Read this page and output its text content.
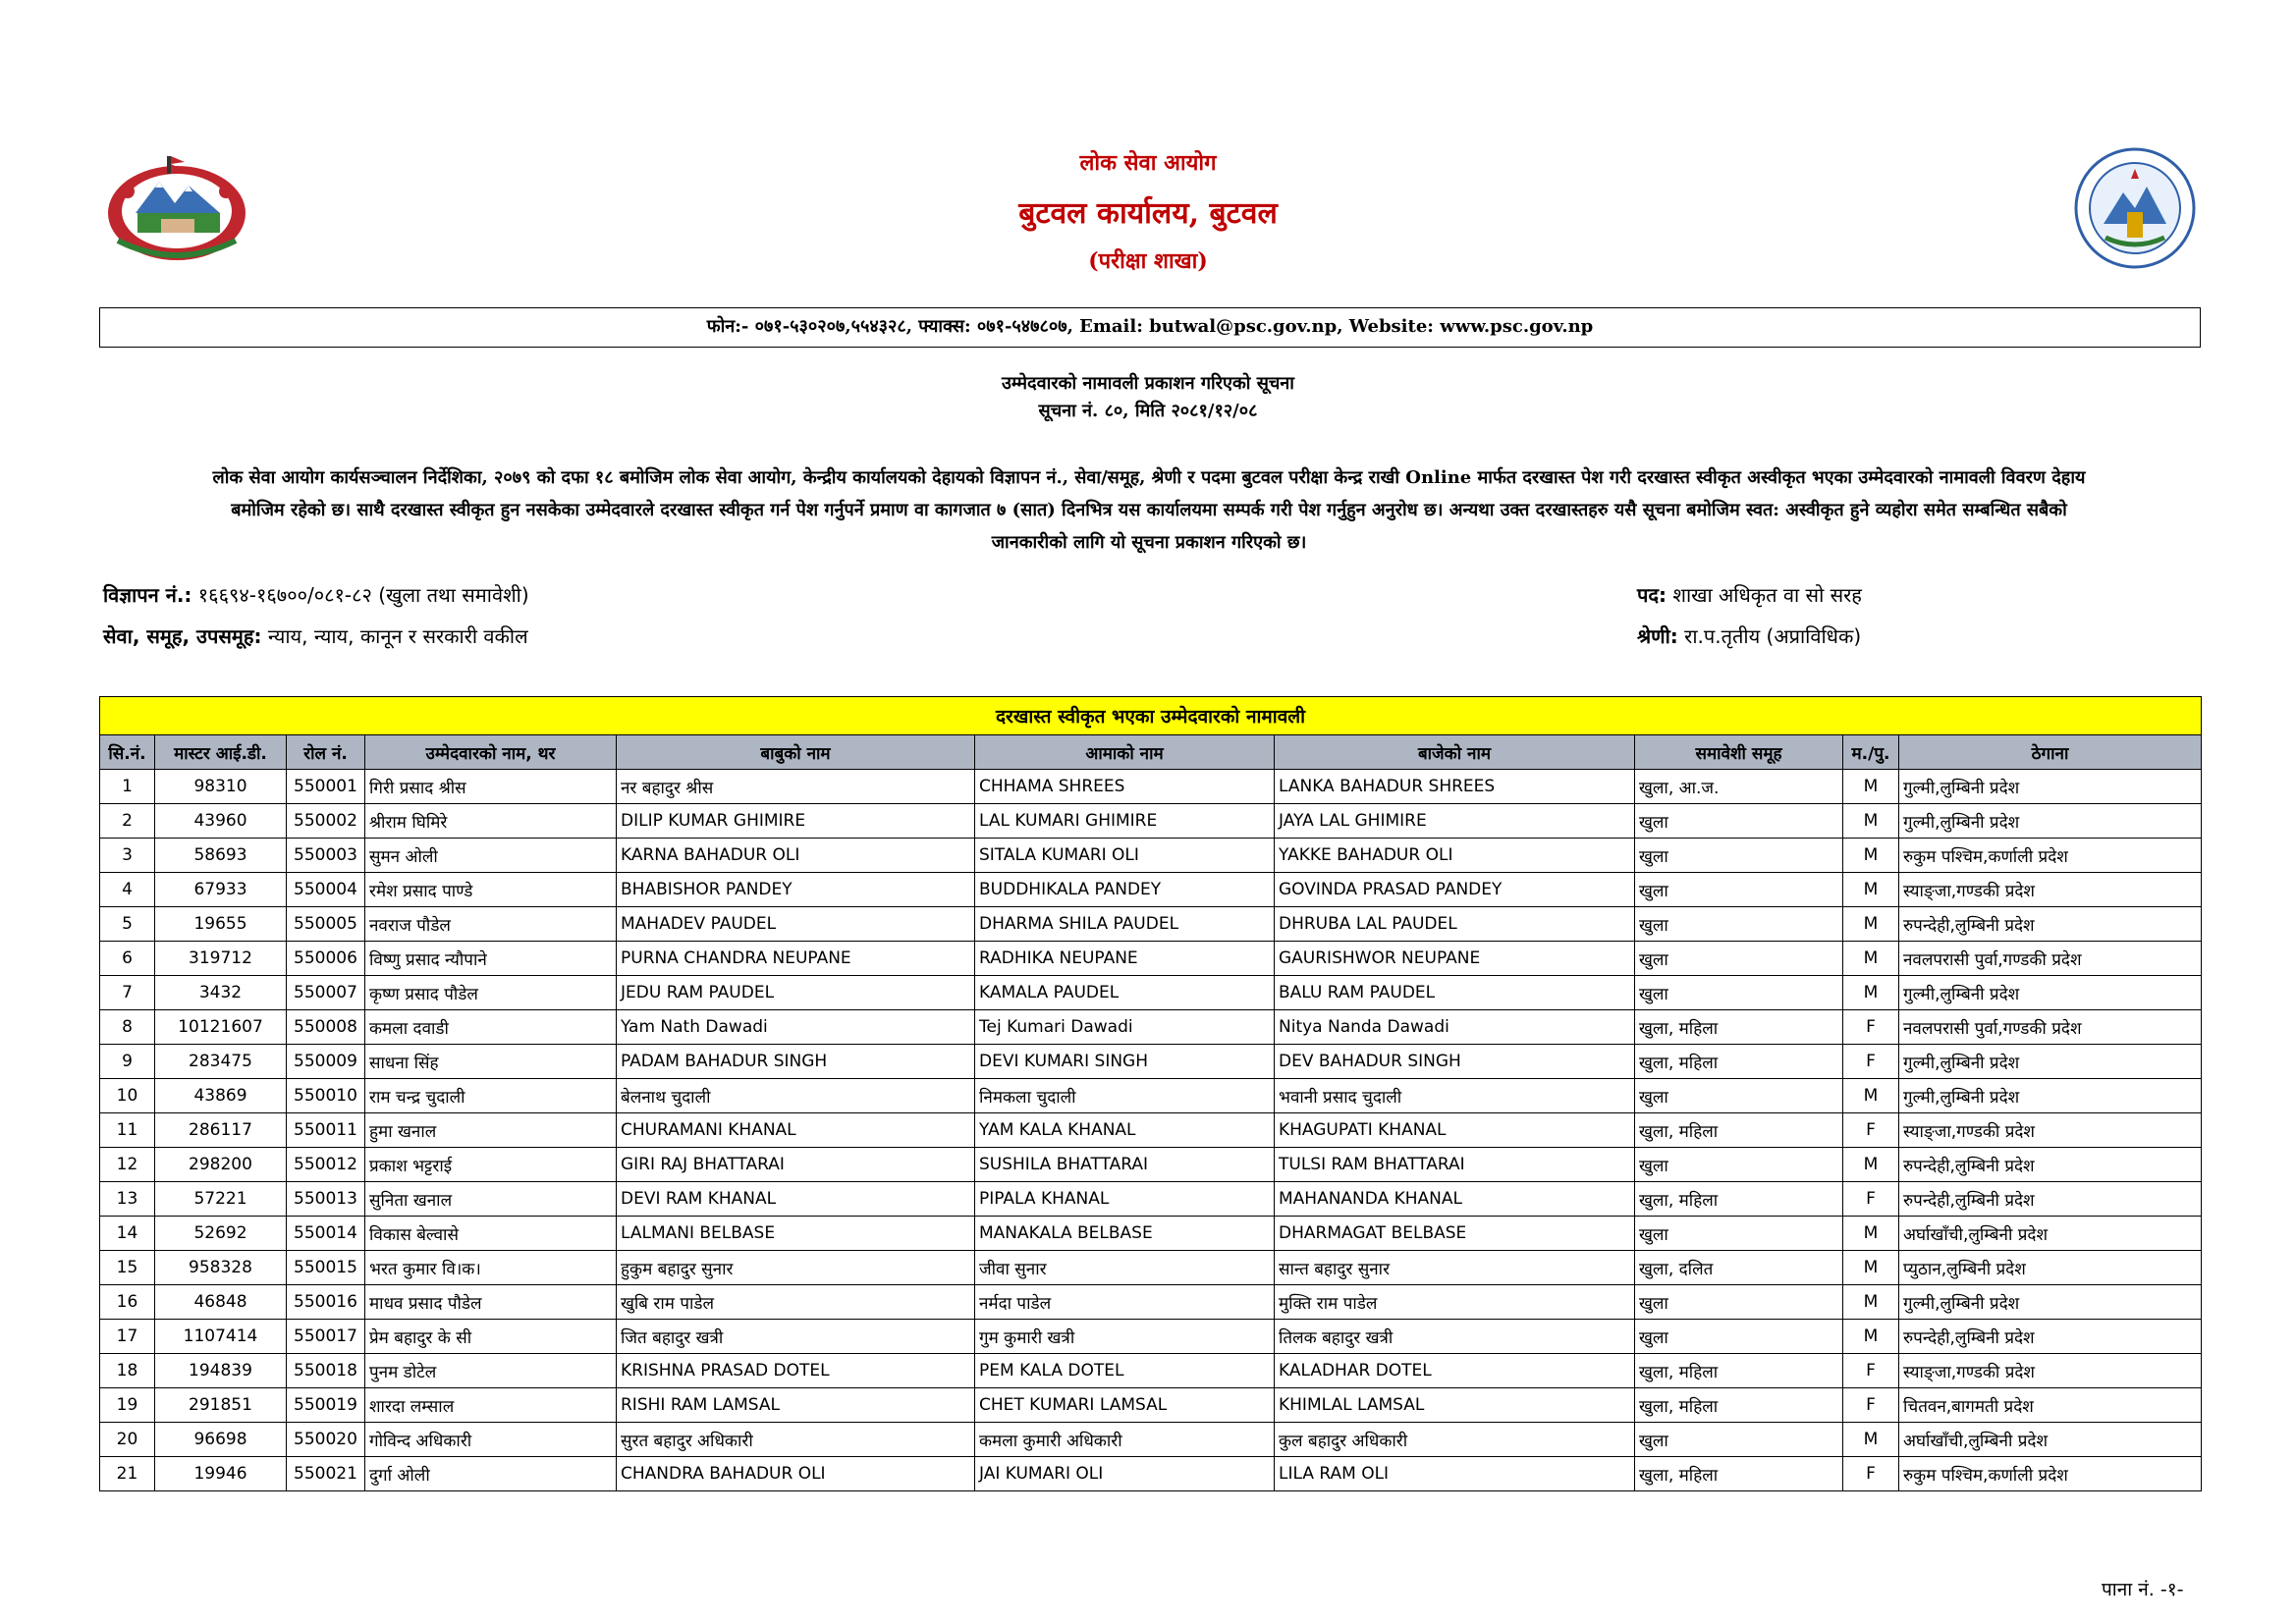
लोक सेवा आयोग
बुटवल कार्यालय, बुटवल
(परीक्षा शाखा)
फोन:- ०७१-५३०२०७,५५४३२८, फ्याक्स: ०७१-५४७८०७, Email: butwal@psc.gov.np, Website: www.psc.gov.np
उम्मेदवारको नामावली प्रकाशन गरिएको सूचना
सूचना नं. ८०, मिति २०८१/१२/०८

लोक सेवा आयोग कार्यसञ्चालन निर्देशिका, २०७९ को दफा १८ बमोजिम लोक सेवा आयोग, केन्द्रीय कार्यालयको देहायको विज्ञापन नं., सेवा/समूह, श्रेणी र पदमा बुटवल परीक्षा केन्द्र राखी Online मार्फत दरखास्त पेश गरी दरखास्त स्वीकृत अस्वीकृत भएका उम्मेदवारको नामावली विवरण देहाय

बमोजिम रहेको छ। साथै दरखास्त स्वीकृत हुन नसकेका उम्मेदवारले दरखास्त स्वीकृत गर्न पेश गर्नुपर्ने प्रमाण वा कागजात ७ (सात) दिनभित्र यस कार्यालयमा सम्पर्क गरी पेश गर्नुहुन अनुरोध छ। अन्यथा उक्त दरखास्तहरु यसै सूचना बमोजिम स्वत: अस्वीकृत हुने व्यहोरा समेत सम्बन्धित सबैको

जानकारीको लागि यो सूचना प्रकाशन गरिएको छ।

विज्ञापन नं.: १६६९४-१६७००/०८१-८२ (खुला तथा समावेशी)
सेवा, समूह, उपसमूह: न्याय, न्याय, कानून र सरकारी वकील
पद: शाखा अधिकृत वा सो सरह
श्रेणी: रा.प.तृतीय (अप्राविधिक)
दरखास्त स्वीकृत भएका उम्मेदवारको नामावली									
सि.नं.	मास्टर आई.डी.	रोल नं.	उम्मेदवारको नाम, थर	बाबुको नाम	आमाको नाम	बाजेको नाम	समावेशी समूह	म./पु.	ठेगाना
1	98310	550001	गिरी प्रसाद श्रीस	नर बहादुर श्रीस	CHHAMA SHREES	LANKA BAHADUR SHREES	खुला, आ.ज.	M	गुल्मी,लुम्बिनी प्रदेश
2	43960	550002	श्रीराम घिमिरे	DILIP KUMAR GHIMIRE	LAL KUMARI GHIMIRE	JAYA LAL GHIMIRE	खुला	M	गुल्मी,लुम्बिनी प्रदेश
3	58693	550003	सुमन ओली	KARNA BAHADUR OLI	SITALA KUMARI OLI	YAKKE BAHADUR OLI	खुला	M	रुकुम पश्चिम,कर्णाली प्रदेश
4	67933	550004	रमेश प्रसाद पाण्डे	BHABISHOR PANDEY	BUDDHIKALA PANDEY	GOVINDA PRASAD PANDEY	खुला	M	स्याङ्जा,गण्डकी प्रदेश
5	19655	550005	नवराज पौडेल	MAHADEV PAUDEL	DHARMA SHILA PAUDEL	DHRUBA LAL PAUDEL	खुला	M	रुपन्देही,लुम्बिनी प्रदेश
6	319712	550006	विष्णु प्रसाद न्यौपाने	PURNA CHANDRA NEUPANE	RADHIKA NEUPANE	GAURISHWOR NEUPANE	खुला	M	नवलपरासी पुर्वा,गण्डकी प्रदेश
7	3432	550007	कृष्ण प्रसाद पौडेल	JEDU RAM PAUDEL	KAMALA PAUDEL	BALU RAM PAUDEL	खुला	M	गुल्मी,लुम्बिनी प्रदेश
8	10121607	550008	कमला दवाडी	Yam Nath Dawadi	Tej Kumari Dawadi	Nitya Nanda Dawadi	खुला, महिला	F	नवलपरासी पुर्वा,गण्डकी प्रदेश
9	283475	550009	साधना सिंह	PADAM BAHADUR SINGH	DEVI KUMARI SINGH	DEV BAHADUR SINGH	खुला, महिला	F	गुल्मी,लुम्बिनी प्रदेश
10	43869	550010	राम चन्द्र चुदाली	बेलनाथ चुदाली	निमकला चुदाली	भवानी प्रसाद चुदाली	खुला	M	गुल्मी,लुम्बिनी प्रदेश
11	286117	550011	हुमा खनाल	CHURAMANI KHANAL	YAM KALA KHANAL	KHAGUPATI KHANAL	खुला, महिला	F	स्याङ्जा,गण्डकी प्रदेश
12	298200	550012	प्रकाश भट्टराई	GIRI RAJ BHATTARAI	SUSHILA BHATTARAI	TULSI RAM BHATTARAI	खुला	M	रुपन्देही,लुम्बिनी प्रदेश
13	57221	550013	सुनिता खनाल	DEVI RAM KHANAL	PIPALA KHANAL	MAHANANDA KHANAL	खुला, महिला	F	रुपन्देही,लुम्बिनी प्रदेश
14	52692	550014	विकास बेल्वासे	LALMANI BELBASE	MANAKALA BELBASE	DHARMAGAT BELBASE	खुला	M	अर्घाखाँची,लुम्बिनी प्रदेश
15	958328	550015	भरत कुमार वि।क।	हुकुम बहादुर सुनार	जीवा सुनार	सान्त बहादुर सुनार	खुला, दलित	M	प्युठान,लुम्बिनी प्रदेश
16	46848	550016	माधव प्रसाद पौडेल	खुबि राम पाडेल	नर्मदा पाडेल	मुक्ति राम पाडेल	खुला	M	गुल्मी,लुम्बिनी प्रदेश
17	1107414	550017	प्रेम बहादुर के सी	जित बहादुर खत्री	गुम कुमारी खत्री	तिलक बहादुर खत्री	खुला	M	रुपन्देही,लुम्बिनी प्रदेश
18	194839	550018	पुनम डोटेल	KRISHNA PRASAD DOTEL	PEM KALA DOTEL	KALADHAR DOTEL	खुला, महिला	F	स्याङ्जा,गण्डकी प्रदेश
19	291851	550019	शारदा लम्साल	RISHI RAM LAMSAL	CHET KUMARI LAMSAL	KHIMLAL LAMSAL	खुला, महिला	F	चितवन,बागमती प्रदेश
20	96698	550020	गोविन्द अधिकारी	सुरत बहादुर अधिकारी	कमला कुमारी अधिकारी	कुल बहादुर अधिकारी	खुला	M	अर्घाखाँची,लुम्बिनी प्रदेश
21	19946	550021	दुर्गा ओली	CHANDRA BAHADUR OLI	JAI KUMARI OLI	LILA RAM OLI	खुला, महिला	F	रुकुम पश्चिम,कर्णाली प्रदेश
पाना नं. -१-
